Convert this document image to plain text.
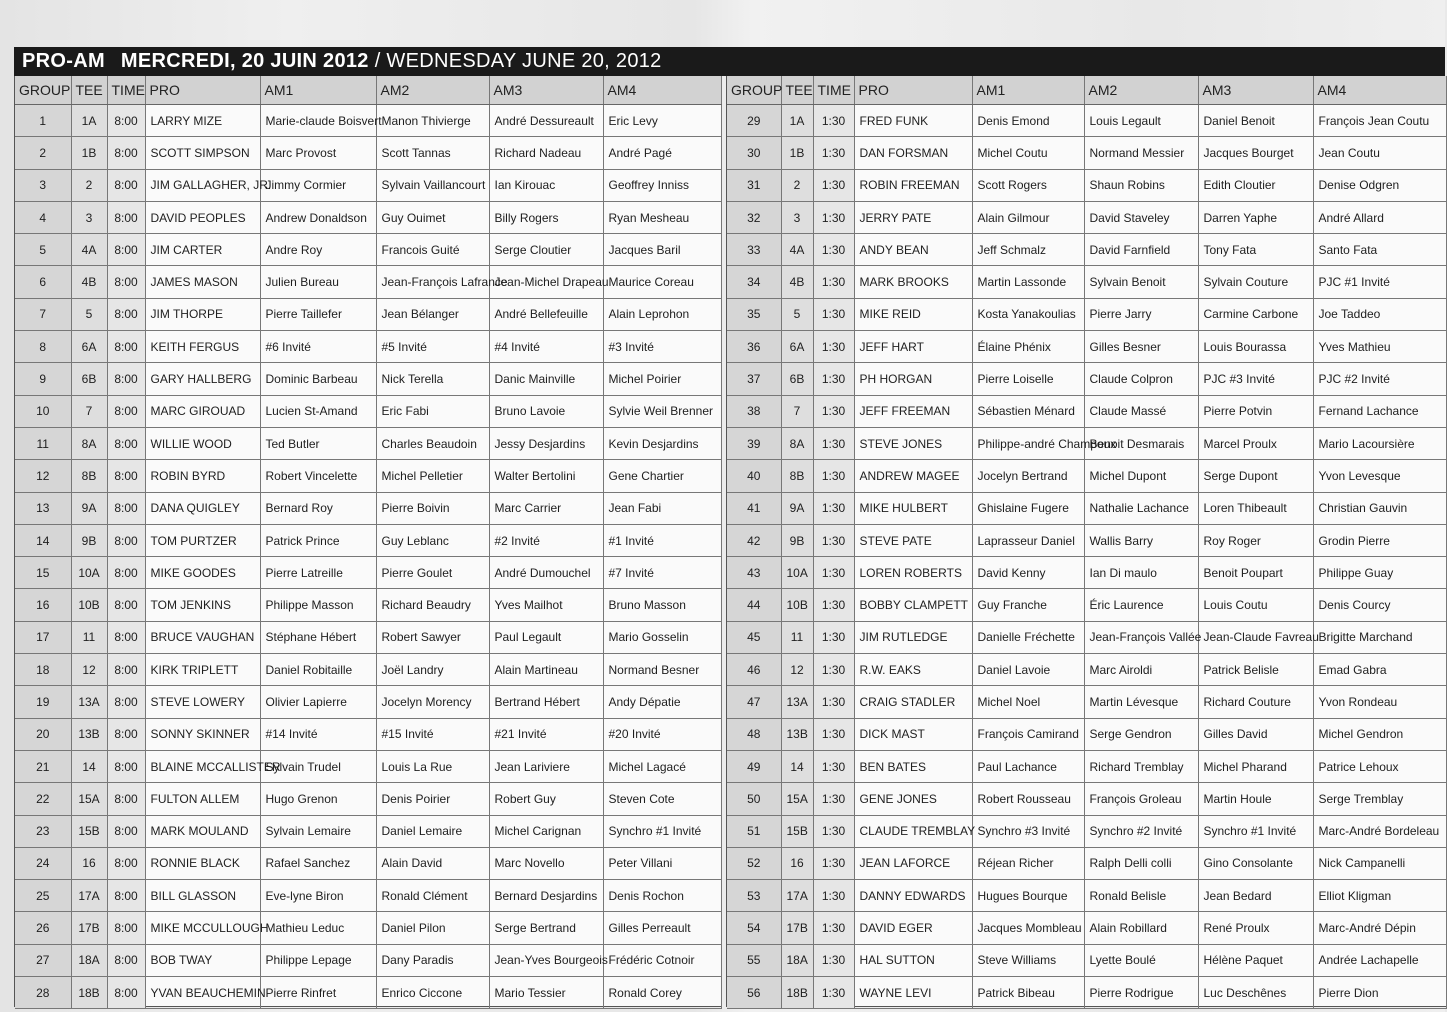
PRO-AM MERCREDI, 20 JUIN 2012 / WEDNESDAY JUNE 20, 2012
GROUP	TEE	TIME	PRO	AM1	AM2	AM3	AM4
1	1A	8:00	LARRY MIZE	Marie-claude Boisvert	Manon Thivierge	André Dessureault	Eric Levy
2	1B	8:00	SCOTT SIMPSON	Marc Provost	Scott Tannas	Richard Nadeau	André Pagé
3	2	8:00	JIM GALLAGHER, JR.	Jimmy Cormier	Sylvain Vaillancourt	Ian Kirouac	Geoffrey Inniss
4	3	8:00	DAVID PEOPLES	Andrew Donaldson	Guy Ouimet	Billy Rogers	Ryan Mesheau
5	4A	8:00	JIM CARTER	Andre Roy	Francois Guité	Serge Cloutier	Jacques Baril
6	4B	8:00	JAMES MASON	Julien Bureau	Jean-François Lafrance	Jean-Michel Drapeau	Maurice Coreau
7	5	8:00	JIM THORPE	Pierre Taillefer	Jean Bélanger	André Bellefeuille	Alain Leprohon
8	6A	8:00	KEITH FERGUS	#6 Invité	#5 Invité	#4 Invité	#3 Invité
9	6B	8:00	GARY HALLBERG	Dominic Barbeau	Nick Terella	Danic Mainville	Michel Poirier
10	7	8:00	MARC GIROUAD	Lucien St-Amand	Eric Fabi	Bruno Lavoie	Sylvie Weil Brenner
11	8A	8:00	WILLIE WOOD	Ted Butler	Charles Beaudoin	Jessy Desjardins	Kevin Desjardins
12	8B	8:00	ROBIN BYRD	Robert Vincelette	Michel Pelletier	Walter Bertolini	Gene Chartier
13	9A	8:00	DANA QUIGLEY	Bernard Roy	Pierre Boivin	Marc Carrier	Jean Fabi
14	9B	8:00	TOM PURTZER	Patrick Prince	Guy Leblanc	#2 Invité	#1 Invité
15	10A	8:00	MIKE GOODES	Pierre Latreille	Pierre Goulet	André Dumouchel	#7 Invité
16	10B	8:00	TOM JENKINS	Philippe Masson	Richard Beaudry	Yves Mailhot	Bruno Masson
17	11	8:00	BRUCE VAUGHAN	Stéphane Hébert	Robert Sawyer	Paul Legault	Mario Gosselin
18	12	8:00	KIRK TRIPLETT	Daniel Robitaille	Joël Landry	Alain Martineau	Normand Besner
19	13A	8:00	STEVE LOWERY	Olivier Lapierre	Jocelyn Morency	Bertrand Hébert	Andy Dépatie
20	13B	8:00	SONNY SKINNER	#14 Invité	#15 Invité	#21 Invité	#20 Invité
21	14	8:00	BLAINE MCCALLISTER	Sylvain Trudel	Louis La Rue	Jean Lariviere	Michel Lagacé
22	15A	8:00	FULTON ALLEM	Hugo Grenon	Denis Poirier	Robert Guy	Steven Cote
23	15B	8:00	MARK MOULAND	Sylvain Lemaire	Daniel Lemaire	Michel Carignan	Synchro #1 Invité
24	16	8:00	RONNIE BLACK	Rafael Sanchez	Alain David	Marc Novello	Peter Villani
25	17A	8:00	BILL GLASSON	Eve-lyne Biron	Ronald Clément	Bernard Desjardins	Denis Rochon
26	17B	8:00	MIKE MCCULLOUGH	Mathieu Leduc	Daniel Pilon	Serge Bertrand	Gilles Perreault
27	18A	8:00	BOB TWAY	Philippe Lepage	Dany Paradis	Jean-Yves Bourgeois	Frédéric Cotnoir
28	18B	8:00	YVAN BEAUCHEMIN	Pierre Rinfret	Enrico Ciccone	Mario Tessier	Ronald Corey
GROUP	TEE	TIME	PRO	AM1	AM2	AM3	AM4
29	1A	1:30	FRED FUNK	Denis Emond	Louis Legault	Daniel Benoit	François Jean Coutu
30	1B	1:30	DAN FORSMAN	Michel Coutu	Normand Messier	Jacques Bourget	Jean Coutu
31	2	1:30	ROBIN FREEMAN	Scott Rogers	Shaun Robins	Edith Cloutier	Denise Odgren
32	3	1:30	JERRY PATE	Alain Gilmour	David Staveley	Darren Yaphe	André Allard
33	4A	1:30	ANDY BEAN	Jeff Schmalz	David Farnfield	Tony Fata	Santo Fata
34	4B	1:30	MARK BROOKS	Martin Lassonde	Sylvain Benoit	Sylvain Couture	PJC #1 Invité
35	5	1:30	MIKE REID	Kosta Yanakoulias	Pierre Jarry	Carmine Carbone	Joe Taddeo
36	6A	1:30	JEFF HART	Élaine Phénix	Gilles Besner	Louis Bourassa	Yves Mathieu
37	6B	1:30	PH HORGAN	Pierre Loiselle	Claude Colpron	PJC #3 Invité	PJC #2 Invité
38	7	1:30	JEFF FREEMAN	Sébastien Ménard	Claude Massé	Pierre Potvin	Fernand Lachance
39	8A	1:30	STEVE JONES	Philippe-andré Champoux	Benoit Desmarais	Marcel Proulx	Mario Lacoursière
40	8B	1:30	ANDREW MAGEE	Jocelyn Bertrand	Michel Dupont	Serge Dupont	Yvon Levesque
41	9A	1:30	MIKE HULBERT	Ghislaine Fugere	Nathalie Lachance	Loren Thibeault	Christian Gauvin
42	9B	1:30	STEVE PATE	Laprasseur Daniel	Wallis Barry	Roy Roger	Grodin Pierre
43	10A	1:30	LOREN ROBERTS	David Kenny	Ian Di maulo	Benoit Poupart	Philippe Guay
44	10B	1:30	BOBBY CLAMPETT	Guy Franche	Éric Laurence	Louis Coutu	Denis Courcy
45	11	1:30	JIM RUTLEDGE	Danielle Fréchette	Jean-François Vallée	Jean-Claude Favreau	Brigitte Marchand
46	12	1:30	R.W. EAKS	Daniel Lavoie	Marc Airoldi	Patrick Belisle	Emad Gabra
47	13A	1:30	CRAIG STADLER	Michel Noel	Martin Lévesque	Richard Couture	Yvon Rondeau
48	13B	1:30	DICK MAST	François Camirand	Serge Gendron	Gilles David	Michel Gendron
49	14	1:30	BEN BATES	Paul Lachance	Richard Tremblay	Michel Pharand	Patrice Lehoux
50	15A	1:30	GENE JONES	Robert Rousseau	François Groleau	Martin Houle	Serge Tremblay
51	15B	1:30	CLAUDE TREMBLAY	Synchro #3 Invité	Synchro #2 Invité	Synchro #1 Invité	Marc-André Bordeleau
52	16	1:30	JEAN LAFORCE	Réjean Richer	Ralph Delli colli	Gino Consolante	Nick Campanelli
53	17A	1:30	DANNY EDWARDS	Hugues Bourque	Ronald Belisle	Jean Bedard	Elliot Kligman
54	17B	1:30	DAVID EGER	Jacques Mombleau	Alain Robillard	René Proulx	Marc-André Dépin
55	18A	1:30	HAL SUTTON	Steve Williams	Lyette Boulé	Hélène Paquet	Andrée Lachapelle
56	18B	1:30	WAYNE LEVI	Patrick Bibeau	Pierre Rodrigue	Luc Deschênes	Pierre Dion
